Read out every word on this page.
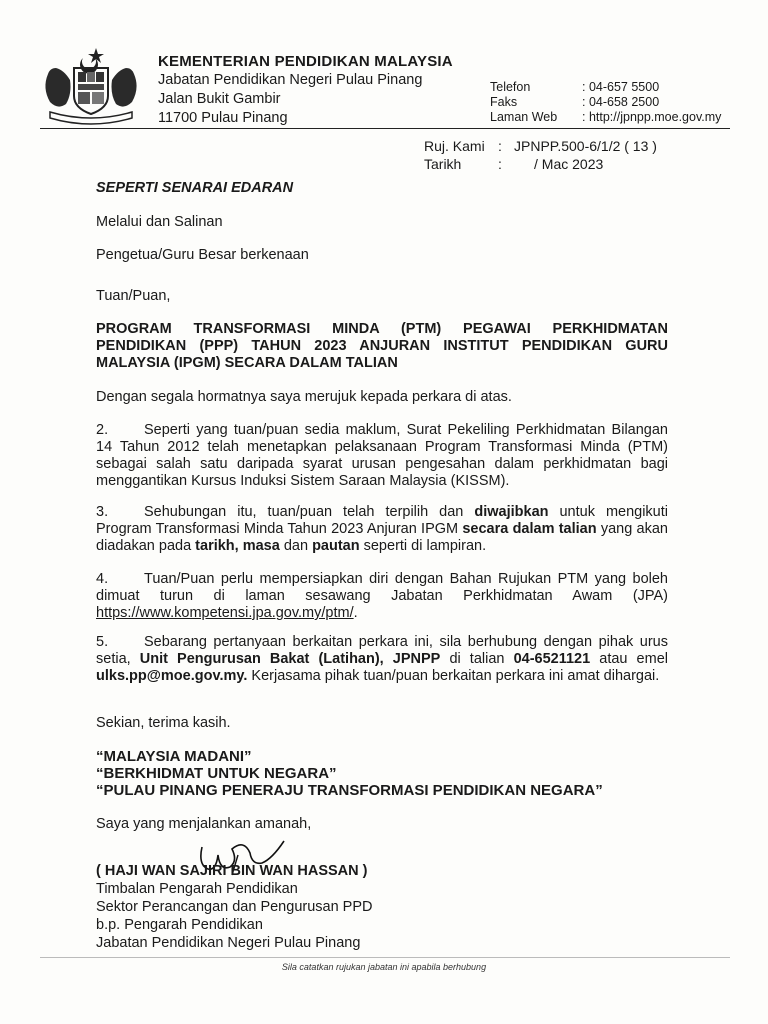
KEMENTERIAN PENDIDIKAN MALAYSIA
Jabatan Pendidikan Negeri Pulau Pinang
Jalan Bukit Gambir
11700 Pulau Pinang
Telefon	: 04-657 5500
Faks	: 04-658 2500
Laman Web	: http://jpnpp.moe.gov.my
Ruj. Kami : JPNPP.500-6/1/2 ( 13 )
Tarikh	:	/ Mac 2023
SEPERTI SENARAI EDARAN
Melalui dan Salinan
Pengetua/Guru Besar berkenaan
Tuan/Puan,
PROGRAM TRANSFORMASI MINDA (PTM) PEGAWAI PERKHIDMATAN PENDIDIKAN (PPP) TAHUN 2023 ANJURAN INSTITUT PENDIDIKAN GURU MALAYSIA (IPGM) SECARA DALAM TALIAN
Dengan segala hormatnya saya merujuk kepada perkara di atas.
2. Seperti yang tuan/puan sedia maklum, Surat Pekeliling Perkhidmatan Bilangan 14 Tahun 2012 telah menetapkan pelaksanaan Program Transformasi Minda (PTM) sebagai salah satu daripada syarat urusan pengesahan dalam perkhidmatan bagi menggantikan Kursus Induksi Sistem Saraan Malaysia (KISSM).
3. Sehubungan itu, tuan/puan telah terpilih dan diwajibkan untuk mengikuti Program Transformasi Minda Tahun 2023 Anjuran IPGM secara dalam talian yang akan diadakan pada tarikh, masa dan pautan seperti di lampiran.
4. Tuan/Puan perlu mempersiapkan diri dengan Bahan Rujukan PTM yang boleh dimuat turun di laman sesawang Jabatan Perkhidmatan Awam (JPA) https://www.kompetensi.jpa.gov.my/ptm/.
5. Sebarang pertanyaan berkaitan perkara ini, sila berhubung dengan pihak urus setia, Unit Pengurusan Bakat (Latihan), JPNPP di talian 04-6521121 atau emel ulks.pp@moe.gov.my. Kerjasama pihak tuan/puan berkaitan perkara ini amat dihargai.
Sekian, terima kasih.
“MALAYSIA MADANI”
“BERKHIDMAT UNTUK NEGARA”
“PULAU PINANG PENERAJU TRANSFORMASI PENDIDIKAN NEGARA”
Saya yang menjalankan amanah,
( HAJI WAN SAJIRI BIN WAN HASSAN )
Timbalan Pengarah Pendidikan
Sektor Perancangan dan Pengurusan PPD
b.p. Pengarah Pendidikan
Jabatan Pendidikan Negeri Pulau Pinang
Sila catatkan rujukan jabatan ini apabila berhubung
